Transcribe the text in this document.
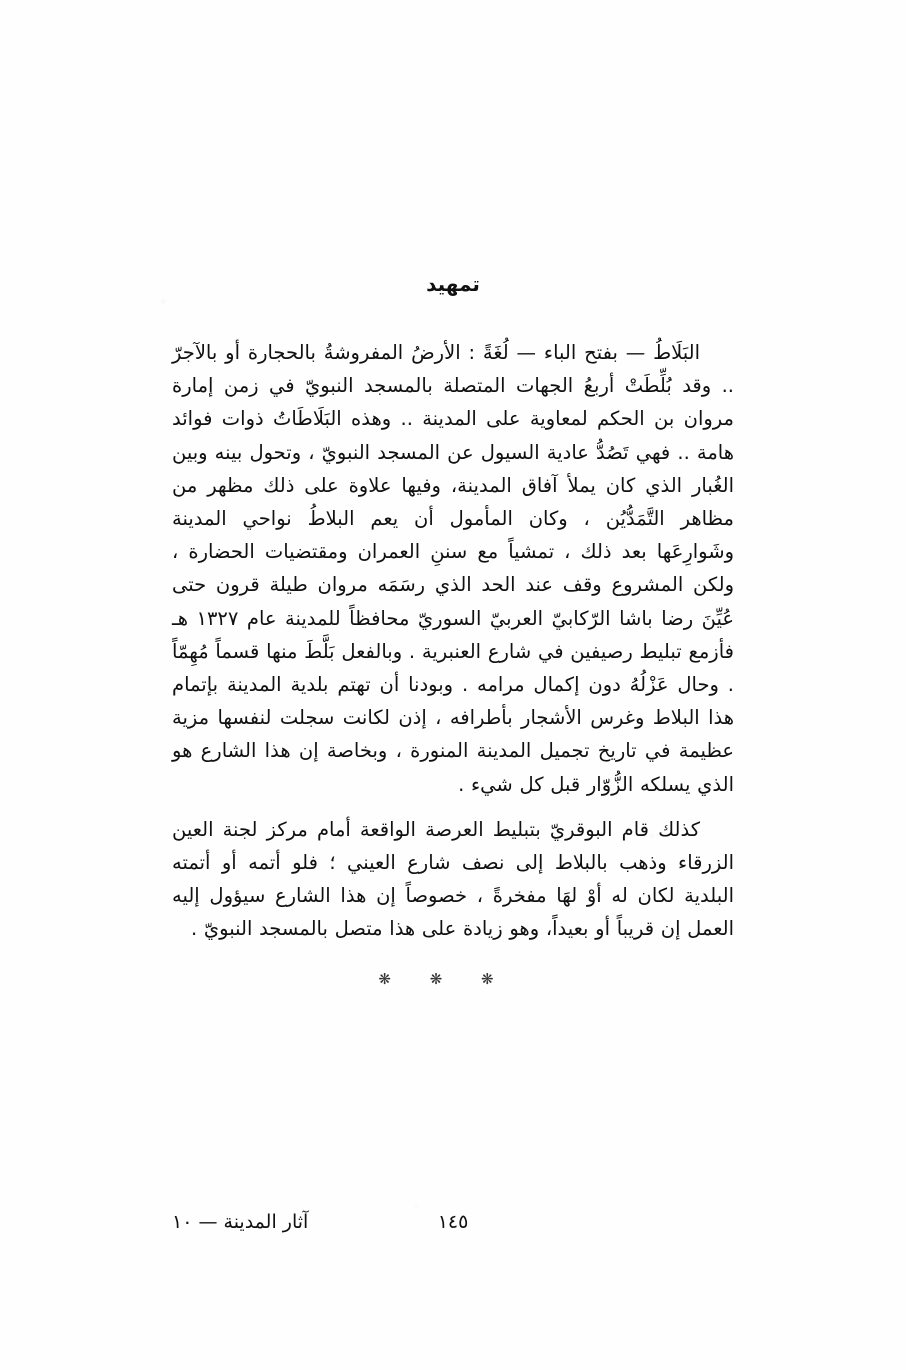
تمهيد

البَلَاطُ — بفتح الباء — لُغَةً : الأرضُ المفروشةُ بالحجارة أو بالآجرّ .. وقد بُلِّطَتْ أربعُ الجهات المتصلة بالمسجد النبويّ في زمن إمارة مروان بن الحكم لمعاوية على المدينة .. وهذه البَلَاطَاتُ ذوات فوائد هامة .. فهي تَصُدُّ عادية السيول عن المسجد النبويّ ، وتحول بينه وبين الغُبار الذي كان يملأ آفاق المدينة، وفيها علاوة على ذلك مظهر من مظاهر التَّمَدُّيُن ، وكان المأمول أن يعم البلاطُ نواحي المدينة وشَوارِعَها بعد ذلك ، تمشياً مع سننِ العمران ومقتضيات الحضارة ، ولكن المشروع وقف عند الحد الذي رسَمَه مروان طيلة قرون حتى عُيِّنَ رضا باشا الرّكابيّ العربيّ السوريّ محافظاً للمدينة عام ١٣٢٧ هـ فأزمع تبليط رصيفين في شارع العنبرية . وبالفعل بَلَّطَ منها قسماً مُهِمّاً . وحال عَزْلُهُ دون إكمال مرامه . وبودنا أن تهتم بلدية المدينة بإتمام هذا البلاط وغرس الأشجار بأطرافه ، إذن لكانت سجلت لنفسها مزية عظيمة في تاريخ تجميل المدينة المنورة ، وبخاصة إن هذا الشارع هو الذي يسلكه الزُّوّار قبل كل شيء .

كذلك قام البوقريّ بتبليط العرصة الواقعة أمام مركز لجنة العين الزرقاء وذهب بالبلاط إلى نصف شارع العيني ؛ فلو أتمه أو أتمته البلدية لكان له أوْ لهَا مفخرةً ، خصوصاً إن هذا الشارع سيؤول إليه العمل إن قريباً أو بعيداً، وهو زيادة على هذا متصل بالمسجد النبويّ .

❋ ❋ ❋
١٤٥
آثار المدينة — ١٠
